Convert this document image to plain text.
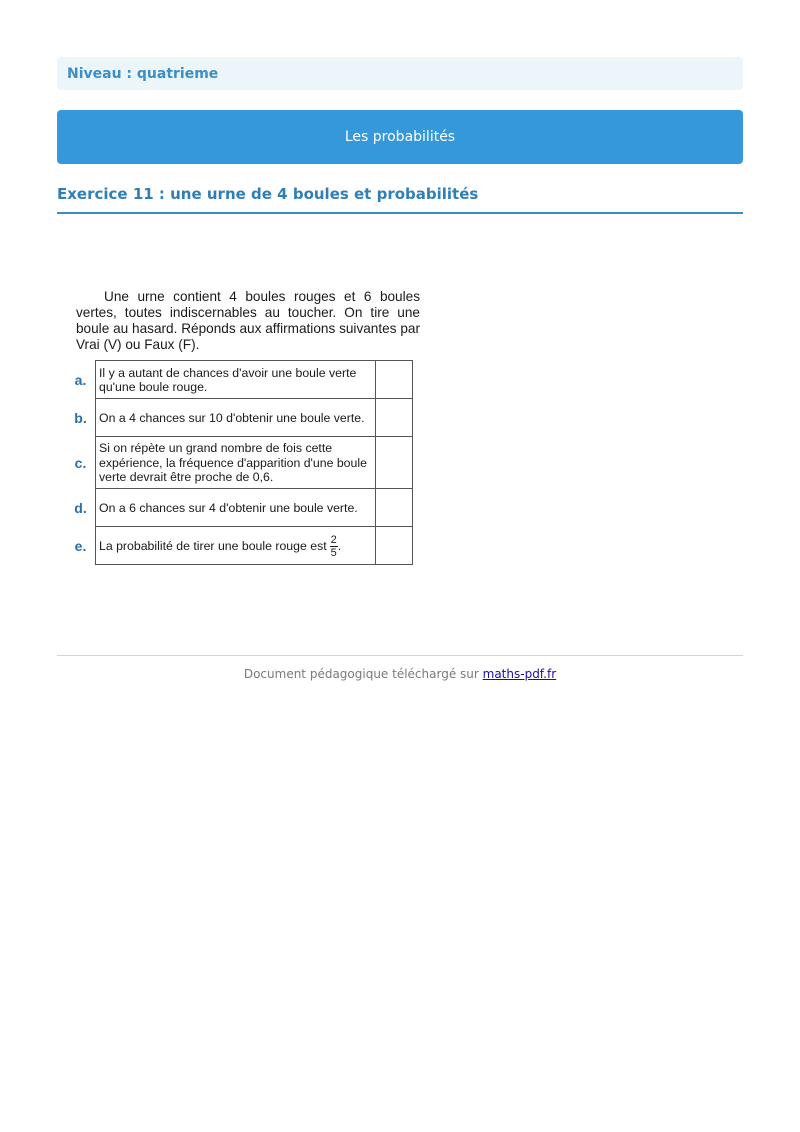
Niveau : quatrieme
Les probabilités
Exercice 11 : une urne de 4 boules et probabilités

Une urne contient 4 boules rouges et 6 boules vertes, toutes indiscernables au toucher. On tire une boule au hasard. Réponds aux affirmations suivantes par Vrai (V) ou Faux (F).

a.	Il y a autant de chances d'avoir une boule verte qu'une boule rouge.	
b.	On a 4 chances sur 10 d'obtenir une boule verte.	
c.	Si on répète un grand nombre de fois cette expérience, la fréquence d'apparition d'une boule verte devrait être proche de 0,6.	
d.	On a 6 chances sur 4 d'obtenir une boule verte.	
e.	La probabilité de tirer une boule rouge est $\frac{2}{5}$ .	
Document pédagogique téléchargé sur maths-pdf.fr
